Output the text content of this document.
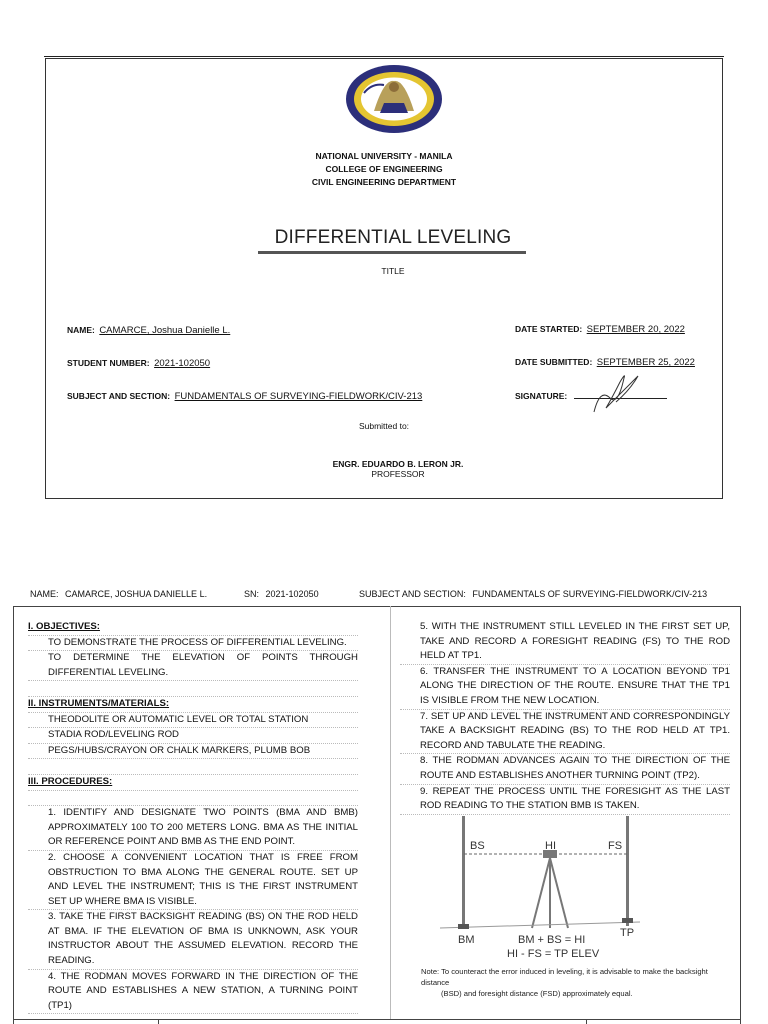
NATIONAL UNIVERSITY - MANILA
COLLEGE OF ENGINEERING
CIVIL ENGINEERING DEPARTMENT
DIFFERENTIAL LEVELING
TITLE
NAME: CAMARCE, Joshua Danielle L.
STUDENT NUMBER: 2021-102050
SUBJECT AND SECTION: FUNDAMENTALS OF SURVEYING-FIELDWORK/CIV-213
DATE STARTED: SEPTEMBER 20, 2022
DATE SUBMITTED: SEPTEMBER 25, 2022
SIGNATURE:
Submitted to:
ENGR. EDUARDO B. LERON JR.
PROFESSOR
NAME: CAMARCE, JOSHUA DANIELLE L.	SN: 2021-102050	SUBJECT AND SECTION: FUNDAMENTALS OF SURVEYING-FIELDWORK/CIV-213

I. OBJECTIVES:

TO DEMONSTRATE THE PROCESS OF DIFFERENTIAL LEVELING.

TO DETERMINE THE ELEVATION OF POINTS THROUGH DIFFERENTIAL LEVELING.

II. INSTRUMENTS/MATERIALS:

THEODOLITE OR AUTOMATIC LEVEL OR TOTAL STATION

STADIA ROD/LEVELING ROD

PEGS/HUBS/CRAYON OR CHALK MARKERS, PLUMB BOB

III. PROCEDURES:

1. IDENTIFY AND DESIGNATE TWO POINTS (BMA AND BMB) APPROXIMATELY 100 TO 200 METERS LONG. BMA AS THE INITIAL OR REFERENCE POINT AND BMB AS THE END POINT.

2. CHOOSE A CONVENIENT LOCATION THAT IS FREE FROM OBSTRUCTION TO BMA ALONG THE GENERAL ROUTE. SET UP AND LEVEL THE INSTRUMENT; THIS IS THE FIRST INSTRUMENT SET UP WHERE BMA IS VISIBLE.

3. TAKE THE FIRST BACKSIGHT READING (BS) ON THE ROD HELD AT BMA. IF THE ELEVATION OF BMA IS UNKNOWN, ASK YOUR INSTRUCTOR ABOUT THE ASSUMED ELEVATION. RECORD THE READING.

4. THE RODMAN MOVES FORWARD IN THE DIRECTION OF THE ROUTE AND ESTABLISHES A NEW STATION, A TURNING POINT (TP1)

5. WITH THE INSTRUMENT STILL LEVELED IN THE FIRST SET UP, TAKE AND RECORD A FORESIGHT READING (FS) TO THE ROD HELD AT TP1.

6. TRANSFER THE INSTRUMENT TO A LOCATION BEYOND TP1 ALONG THE DIRECTION OF THE ROUTE. ENSURE THAT THE TP1 IS VISIBLE FROM THE NEW LOCATION.

7. SET UP AND LEVEL THE INSTRUMENT AND CORRESPONDINGLY TAKE A BACKSIGHT READING (BS) TO THE ROD HELD AT TP1. RECORD AND TABULATE THE READING.

8. THE RODMAN ADVANCES AGAIN TO THE DIRECTION OF THE ROUTE AND ESTABLISHES ANOTHER TURNING POINT (TP2).

9. REPEAT THE PROCESS UNTIL THE FORESIGHT AS THE LAST ROD READING TO THE STATION BMB IS TAKEN.

BS	HI	FS
BM
TP
BM + BS = HI
HI - FS = TP ELEV
Note: To counteract the error induced in leveling, it is advisable to make the backsight distance
(BSD) and foresight distance (FSD) approximately equal.
